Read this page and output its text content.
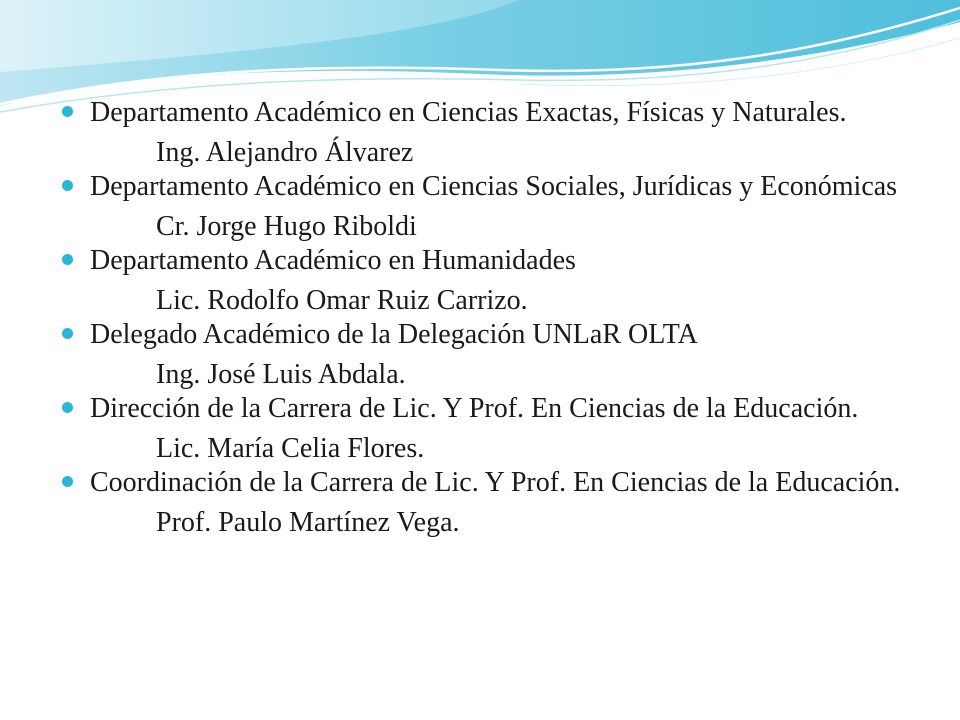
Departamento Académico en Ciencias Exactas, Físicas y Naturales.
Ing. Alejandro Álvarez
Departamento Académico en Ciencias Sociales, Jurídicas y Económicas
Cr. Jorge Hugo Riboldi
Departamento Académico en Humanidades
Lic. Rodolfo Omar Ruiz Carrizo.
Delegado Académico de la Delegación UNLaR OLTA
Ing. José Luis Abdala.
Dirección de la Carrera de Lic. Y Prof. En Ciencias de la Educación.
Lic. María Celia Flores.
Coordinación de la Carrera de Lic. Y Prof. En Ciencias de la Educación.
Prof. Paulo Martínez Vega.
